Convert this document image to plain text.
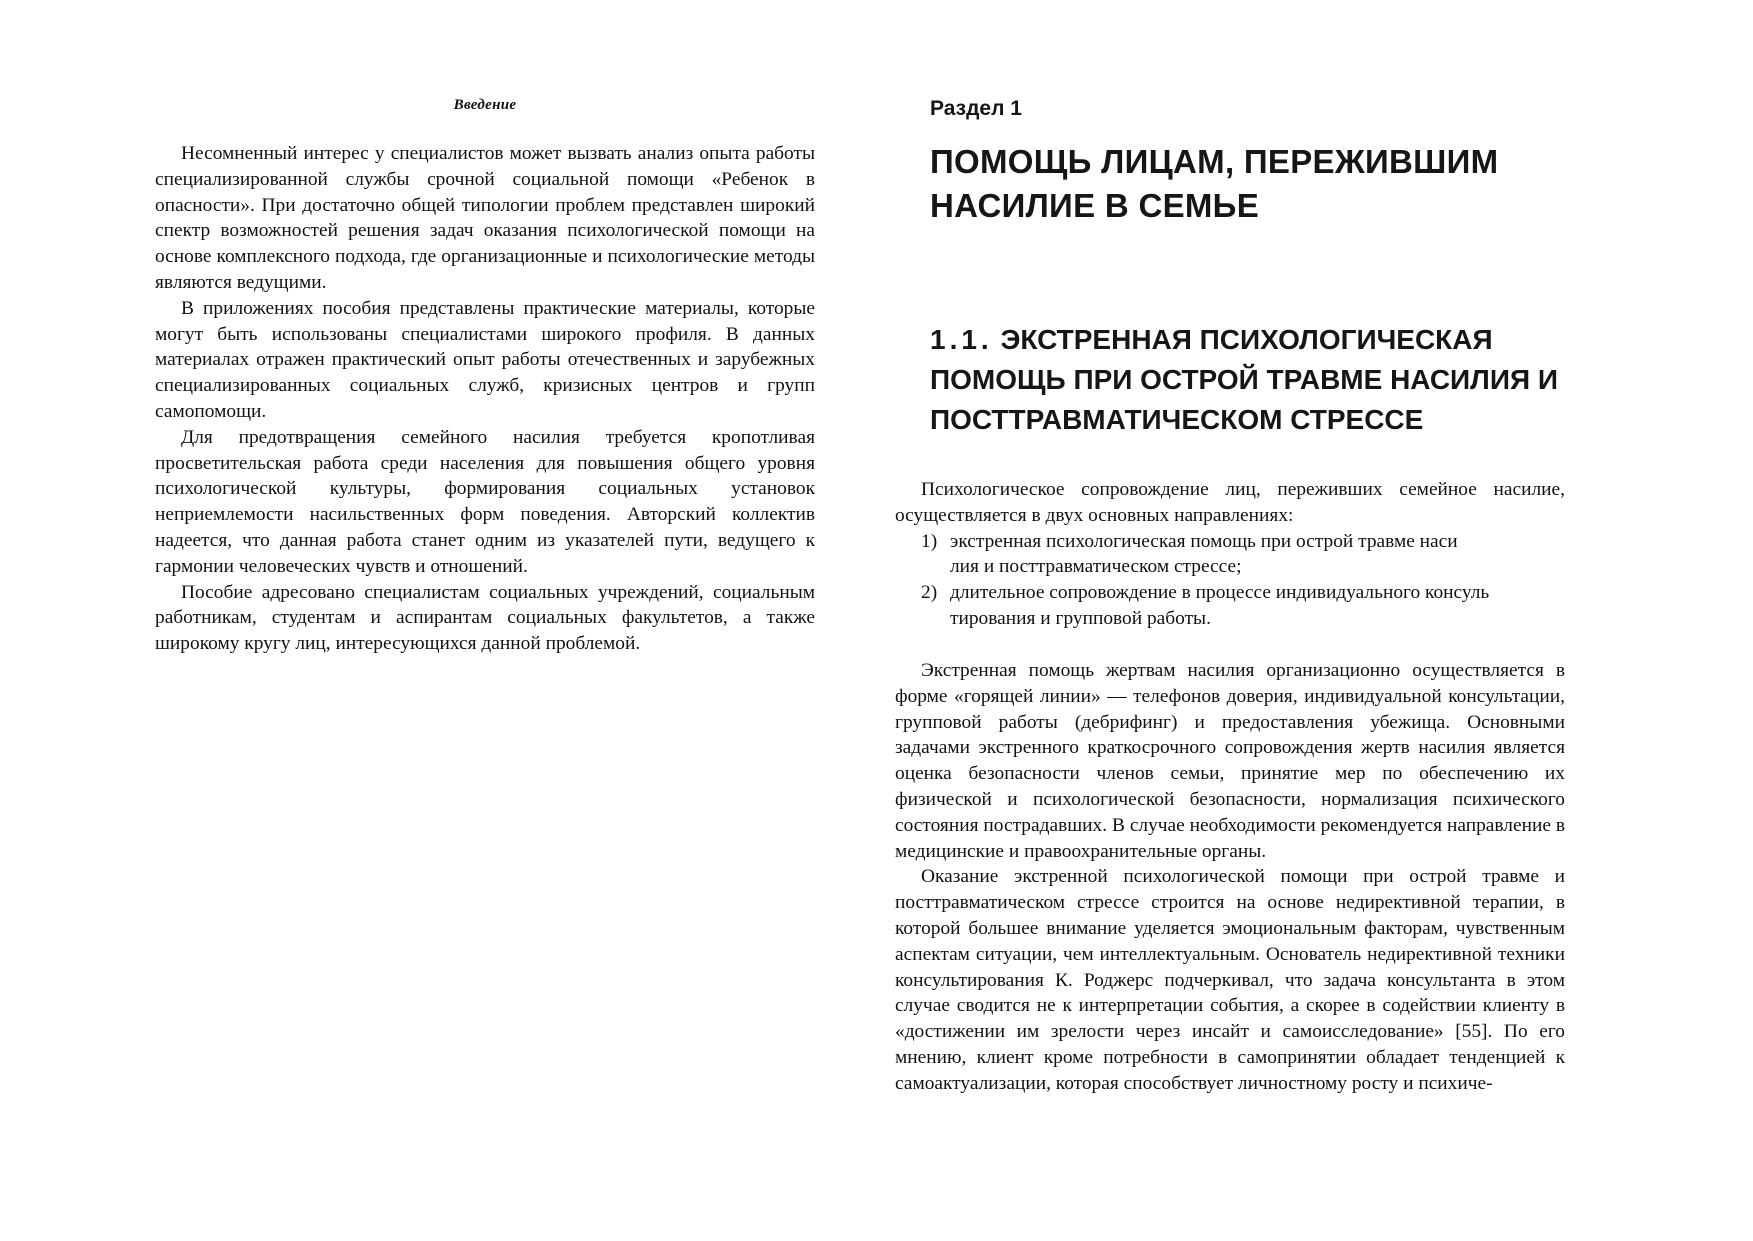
Введение

Несомненный интерес у специалистов может вызвать анализ опыта работы специализированной службы срочной социальной помощи «Ребенок в опасности». При достаточно общей типологии проблем представлен широкий спектр возможностей решения задач оказания психологической помощи на основе комплексного подхода, где организационные и психологические методы являются ведущими.

В приложениях пособия представлены практические материалы, которые могут быть использованы специалистами широкого профиля. В данных материалах отражен практический опыт работы отечественных и зарубежных специализированных социальных служб, кризисных центров и групп самопомощи.

Для предотвращения семейного насилия требуется кропотливая просветительская работа среди населения для повышения общего уровня психологической культуры, формирования социальных установок неприемлемости насильственных форм поведения. Авторский коллектив надеется, что данная работа станет одним из указателей пути, ведущего к гармонии человеческих чувств и отношений.

Пособие адресовано специалистам социальных учреждений, социальным работникам, студентам и аспирантам социальных факультетов, а также широкому кругу лиц, интересующихся данной проблемой.

Раздел 1
ПОМОЩЬ ЛИЦАМ, ПЕРЕЖИВШИМ НАСИЛИЕ В СЕМЬЕ
1.1. ЭКСТРЕННАЯ ПСИХОЛОГИЧЕСКАЯ ПОМОЩЬ ПРИ ОСТРОЙ ТРАВМЕ НАСИЛИЯ И ПОСТТРАВМАТИЧЕСКОМ СТРЕССЕ

Психологическое сопровождение лиц, переживших семейное насилие, осуществляется в двух основных направлениях:

1) экстренная психологическая помощь при острой травме наси
лия и посттравматическом стрессе;
2) длительное сопровождение в процессе индивидуального консуль
тирования и групповой работы.

Экстренная помощь жертвам насилия организационно осуществляется в форме «горящей линии» — телефонов доверия, индивидуальной консультации, групповой работы (дебрифинг) и предоставления убежища. Основными задачами экстренного краткосрочного сопровождения жертв насилия является оценка безопасности членов семьи, принятие мер по обеспечению их физической и психологической безопасности, нормализация психического состояния пострадавших. В случае необходимости рекомендуется направление в медицинские и правоохранительные органы.

Оказание экстренной психологической помощи при острой травме и посттравматическом стрессе строится на основе недирективной терапии, в которой большее внимание уделяется эмоциональным факторам, чувственным аспектам ситуации, чем интеллектуальным. Основатель недирективной техники консультирования К. Роджерс подчеркивал, что задача консультанта в этом случае сводится не к интерпретации события, а скорее в содействии клиенту в «достижении им зрелости через инсайт и самоисследование» [55]. По его мнению, клиент кроме потребности в самопринятии обладает тенденцией к самоактуализации, которая способствует личностному росту и психиче-
